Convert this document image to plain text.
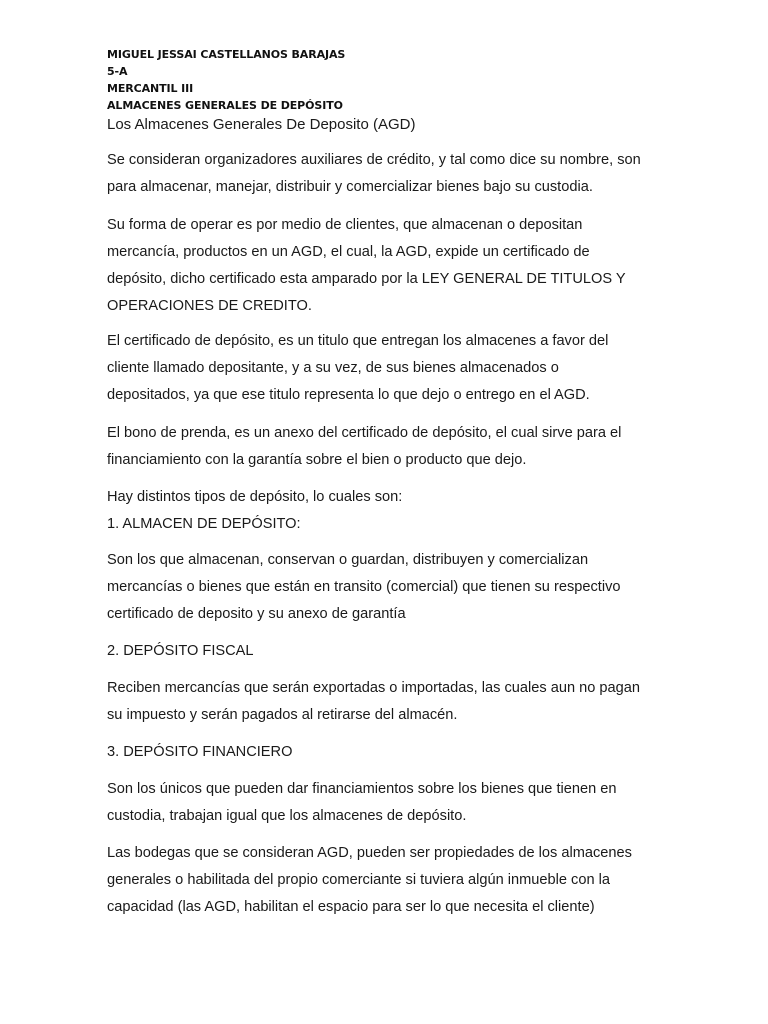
MIGUEL JESSAI CASTELLANOS BARAJAS
5-A
MERCANTIL III
ALMACENES GENERALES DE DEPÓSITO
Los Almacenes Generales De Deposito (AGD)
Se consideran organizadores auxiliares de crédito, y tal como dice su nombre, son
para almacenar, manejar, distribuir y comercializar bienes bajo su custodia.
Su forma de operar es por medio de clientes, que almacenan o depositan
mercancía, productos en un AGD, el cual, la AGD, expide un certificado de
depósito, dicho certificado esta amparado por la LEY GENERAL DE TITULOS Y
OPERACIONES DE CREDITO.
El certificado de depósito, es un titulo que entregan los almacenes a favor del
cliente llamado depositante, y a su vez, de sus bienes almacenados o
depositados, ya que ese titulo representa lo que dejo o entrego en el AGD.
El bono de prenda, es un anexo del certificado de depósito, el cual sirve para el
financiamiento con la garantía sobre el bien o producto que dejo.
Hay distintos tipos de depósito, lo cuales son:
1. ALMACEN DE DEPÓSITO:
Son los que almacenan, conservan o guardan, distribuyen y comercializan
mercancías o bienes que están en transito (comercial) que tienen su respectivo
certificado de deposito y su anexo de garantía
2. DEPÓSITO FISCAL
Reciben mercancías que serán exportadas o importadas, las cuales aun no pagan
su impuesto y serán pagados al retirarse del almacén.
3. DEPÓSITO FINANCIERO
Son los únicos que pueden dar financiamientos sobre los bienes que tienen en
custodia, trabajan igual que los almacenes de depósito.
Las bodegas que se consideran AGD, pueden ser propiedades de los almacenes
generales o habilitada del propio comerciante si tuviera algún inmueble con la
capacidad (las AGD, habilitan el espacio para ser lo que necesita el cliente)
